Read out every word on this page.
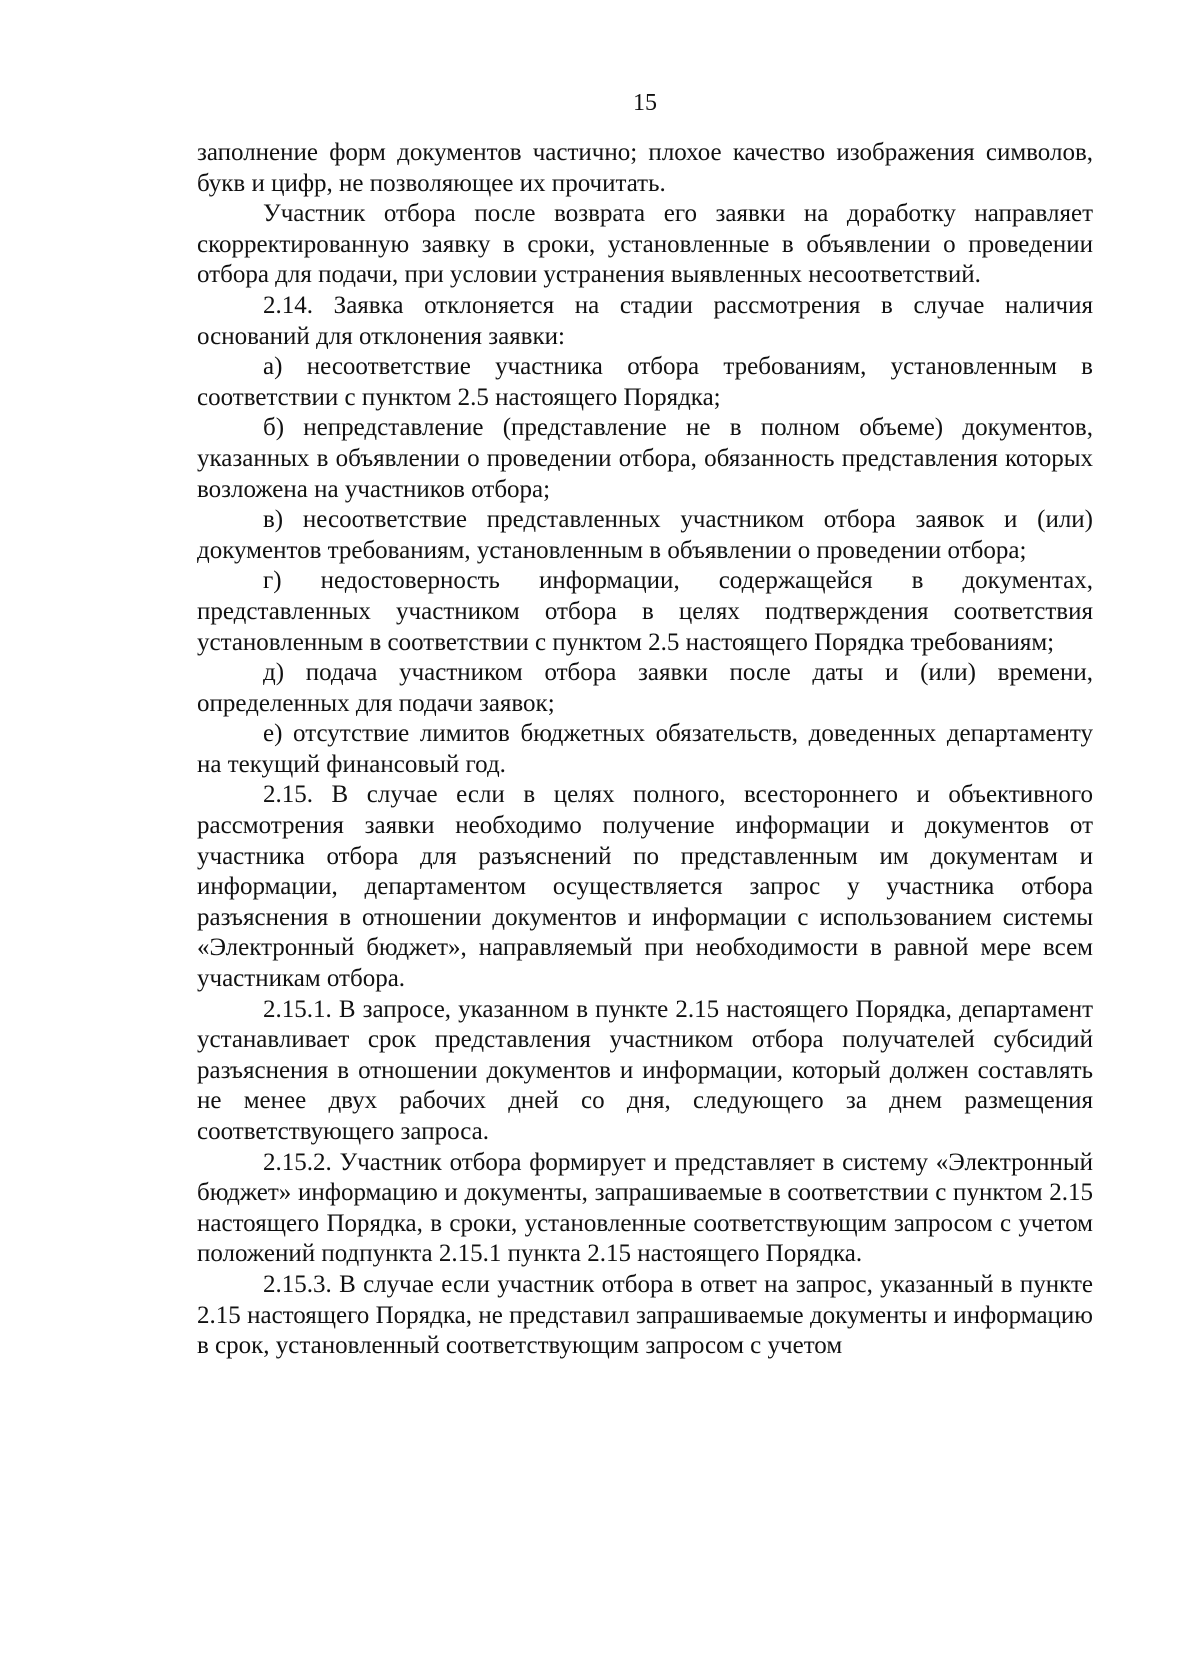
15

заполнение форм документов частично; плохое качество изображения символов, букв и цифр, не позволяющее их прочитать.

Участник отбора после возврата его заявки на доработку направляет скорректированную заявку в сроки, установленные в объявлении о проведении отбора для подачи, при условии устранения выявленных несоответствий.

2.14. Заявка отклоняется на стадии рассмотрения в случае наличия оснований для отклонения заявки:

а) несоответствие участника отбора требованиям, установленным в соответствии с пунктом 2.5 настоящего Порядка;

б) непредставление (представление не в полном объеме) документов, указанных в объявлении о проведении отбора, обязанность представления которых возложена на участников отбора;

в) несоответствие представленных участником отбора заявок и (или) документов требованиям, установленным в объявлении о проведении отбора;

г) недостоверность информации, содержащейся в документах, представленных участником отбора в целях подтверждения соответствия установленным в соответствии с пунктом 2.5 настоящего Порядка требованиям;

д) подача участником отбора заявки после даты и (или) времени, определенных для подачи заявок;

е) отсутствие лимитов бюджетных обязательств, доведенных департаменту на текущий финансовый год.

2.15. В случае если в целях полного, всестороннего и объективного рассмотрения заявки необходимо получение информации и документов от участника отбора для разъяснений по представленным им документам и информации, департаментом осуществляется запрос у участника отбора разъяснения в отношении документов и информации с использованием системы «Электронный бюджет», направляемый при необходимости в равной мере всем участникам отбора.

2.15.1. В запросе, указанном в пункте 2.15 настоящего Порядка, департамент устанавливает срок представления участником отбора получателей субсидий разъяснения в отношении документов и информации, который должен составлять не менее двух рабочих дней со дня, следующего за днем размещения соответствующего запроса.

2.15.2. Участник отбора формирует и представляет в систему «Электронный бюджет» информацию и документы, запрашиваемые в соответствии с пунктом 2.15 настоящего Порядка, в сроки, установленные соответствующим запросом с учетом положений подпункта 2.15.1 пункта 2.15 настоящего Порядка.

2.15.3. В случае если участник отбора в ответ на запрос, указанный в пункте 2.15 настоящего Порядка, не представил запрашиваемые документы и информацию в срок, установленный соответствующим запросом с учетом
